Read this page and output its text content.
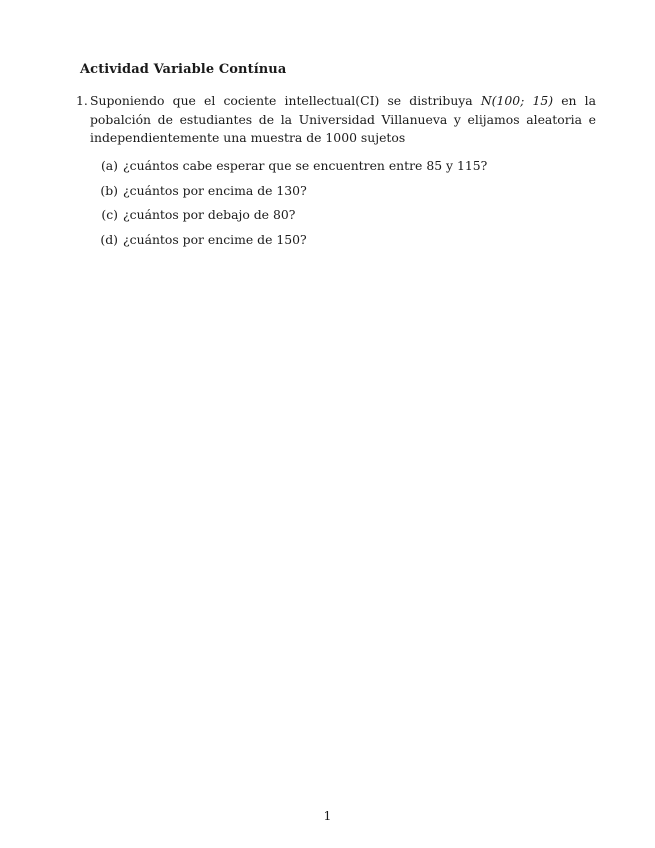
Actividad Variable Contínua
1. Suponiendo que el cociente intellectual(CI) se distribuya N(100; 15) en la pobalción de estudiantes de la Universidad Villanueva y elijamos aleatoria e independientemente una muestra de 1000 sujetos
(a) ¿cuántos cabe esperar que se encuentren entre 85 y 115?
(b) ¿cuántos por encima de 130?
(c) ¿cuántos por debajo de 80?
(d) ¿cuántos por encime de 150?
1
